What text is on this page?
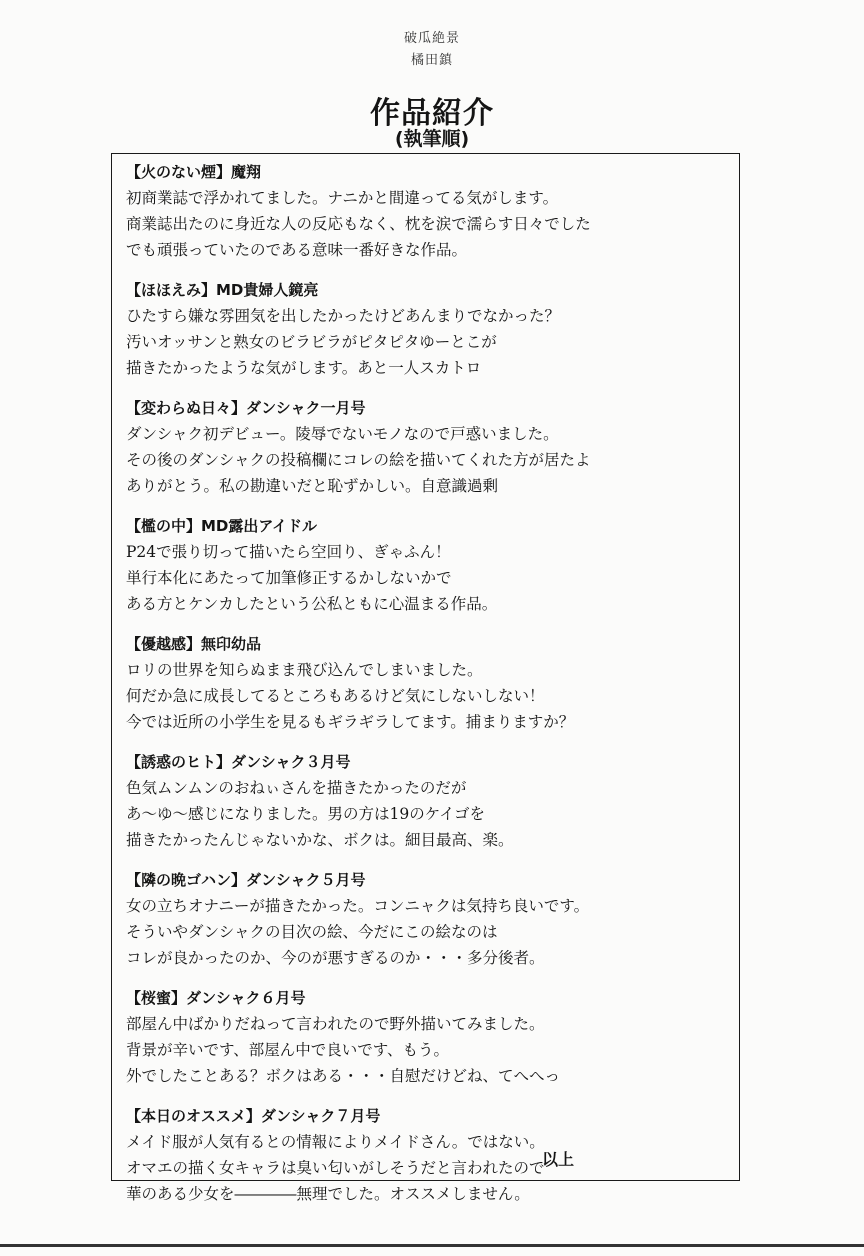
破瓜絶景
橘田鎮
作品紹介
(執筆順)
【火のない煙】魔翔
初商業誌で浮かれてました。ナニかと間違ってる気がします。
商業誌出たのに身近な人の反応もなく、枕を涙で濡らす日々でした
でも頑張っていたのである意味一番好きな作品。
【ほほえみ】MD貴婦人鏡亮
ひたすら嫌な雰囲気を出したかったけどあんまりでなかった？
汚いオッサンと熟女のビラビラがピタピタゆーとこが
描きたかったような気がします。あと一人スカトロ
【変わらぬ日々】ダンシャク一月号
ダンシャク初デビュー。陵辱でないモノなので戸惑いました。
その後のダンシャクの投稿欄にコレの絵を描いてくれた方が居たよ
ありがとう。私の勘違いだと恥ずかしい。自意識過剰
【檻の中】MD露出アイドル
P24で張り切って描いたら空回り、ぎゃふん！
単行本化にあたって加筆修正するかしないかで
ある方とケンカしたという公私ともに心温まる作品。
【優越感】無印幼品
ロリの世界を知らぬまま飛び込んでしまいました。
何だか急に成長してるところもあるけど気にしないしない！
今では近所の小学生を見るもギラギラしてます。捕まりますか？
【誘惑のヒト】ダンシャク３月号
色気ムンムンのおねぃさんを描きたかったのだが
あ〜ゆ〜感じになりました。男の方は19のケイゴを
描きたかったんじゃないかな、ボクは。細目最高、楽。
【隣の晩ゴハン】ダンシャク５月号
女の立ちオナニーが描きたかった。コンニャクは気持ち良いです。
そういやダンシャクの目次の絵、今だにこの絵なのは
コレが良かったのか、今のが悪すぎるのか・・・多分後者。
【桜蜜】ダンシャク６月号
部屋ん中ばかりだねって言われたので野外描いてみました。
背景が辛いです、部屋ん中で良いです、もう。
外でしたことある？ボクはある・・・自慰だけどね、てへへっ
【本日のオススメ】ダンシャク７月号
メイド服が人気有るとの情報によりメイドさん。ではない。
オマエの描く女キャラは臭い匂いがしそうだと言われたので
華のある少女を――――無理でした。オススメしません。
以上
